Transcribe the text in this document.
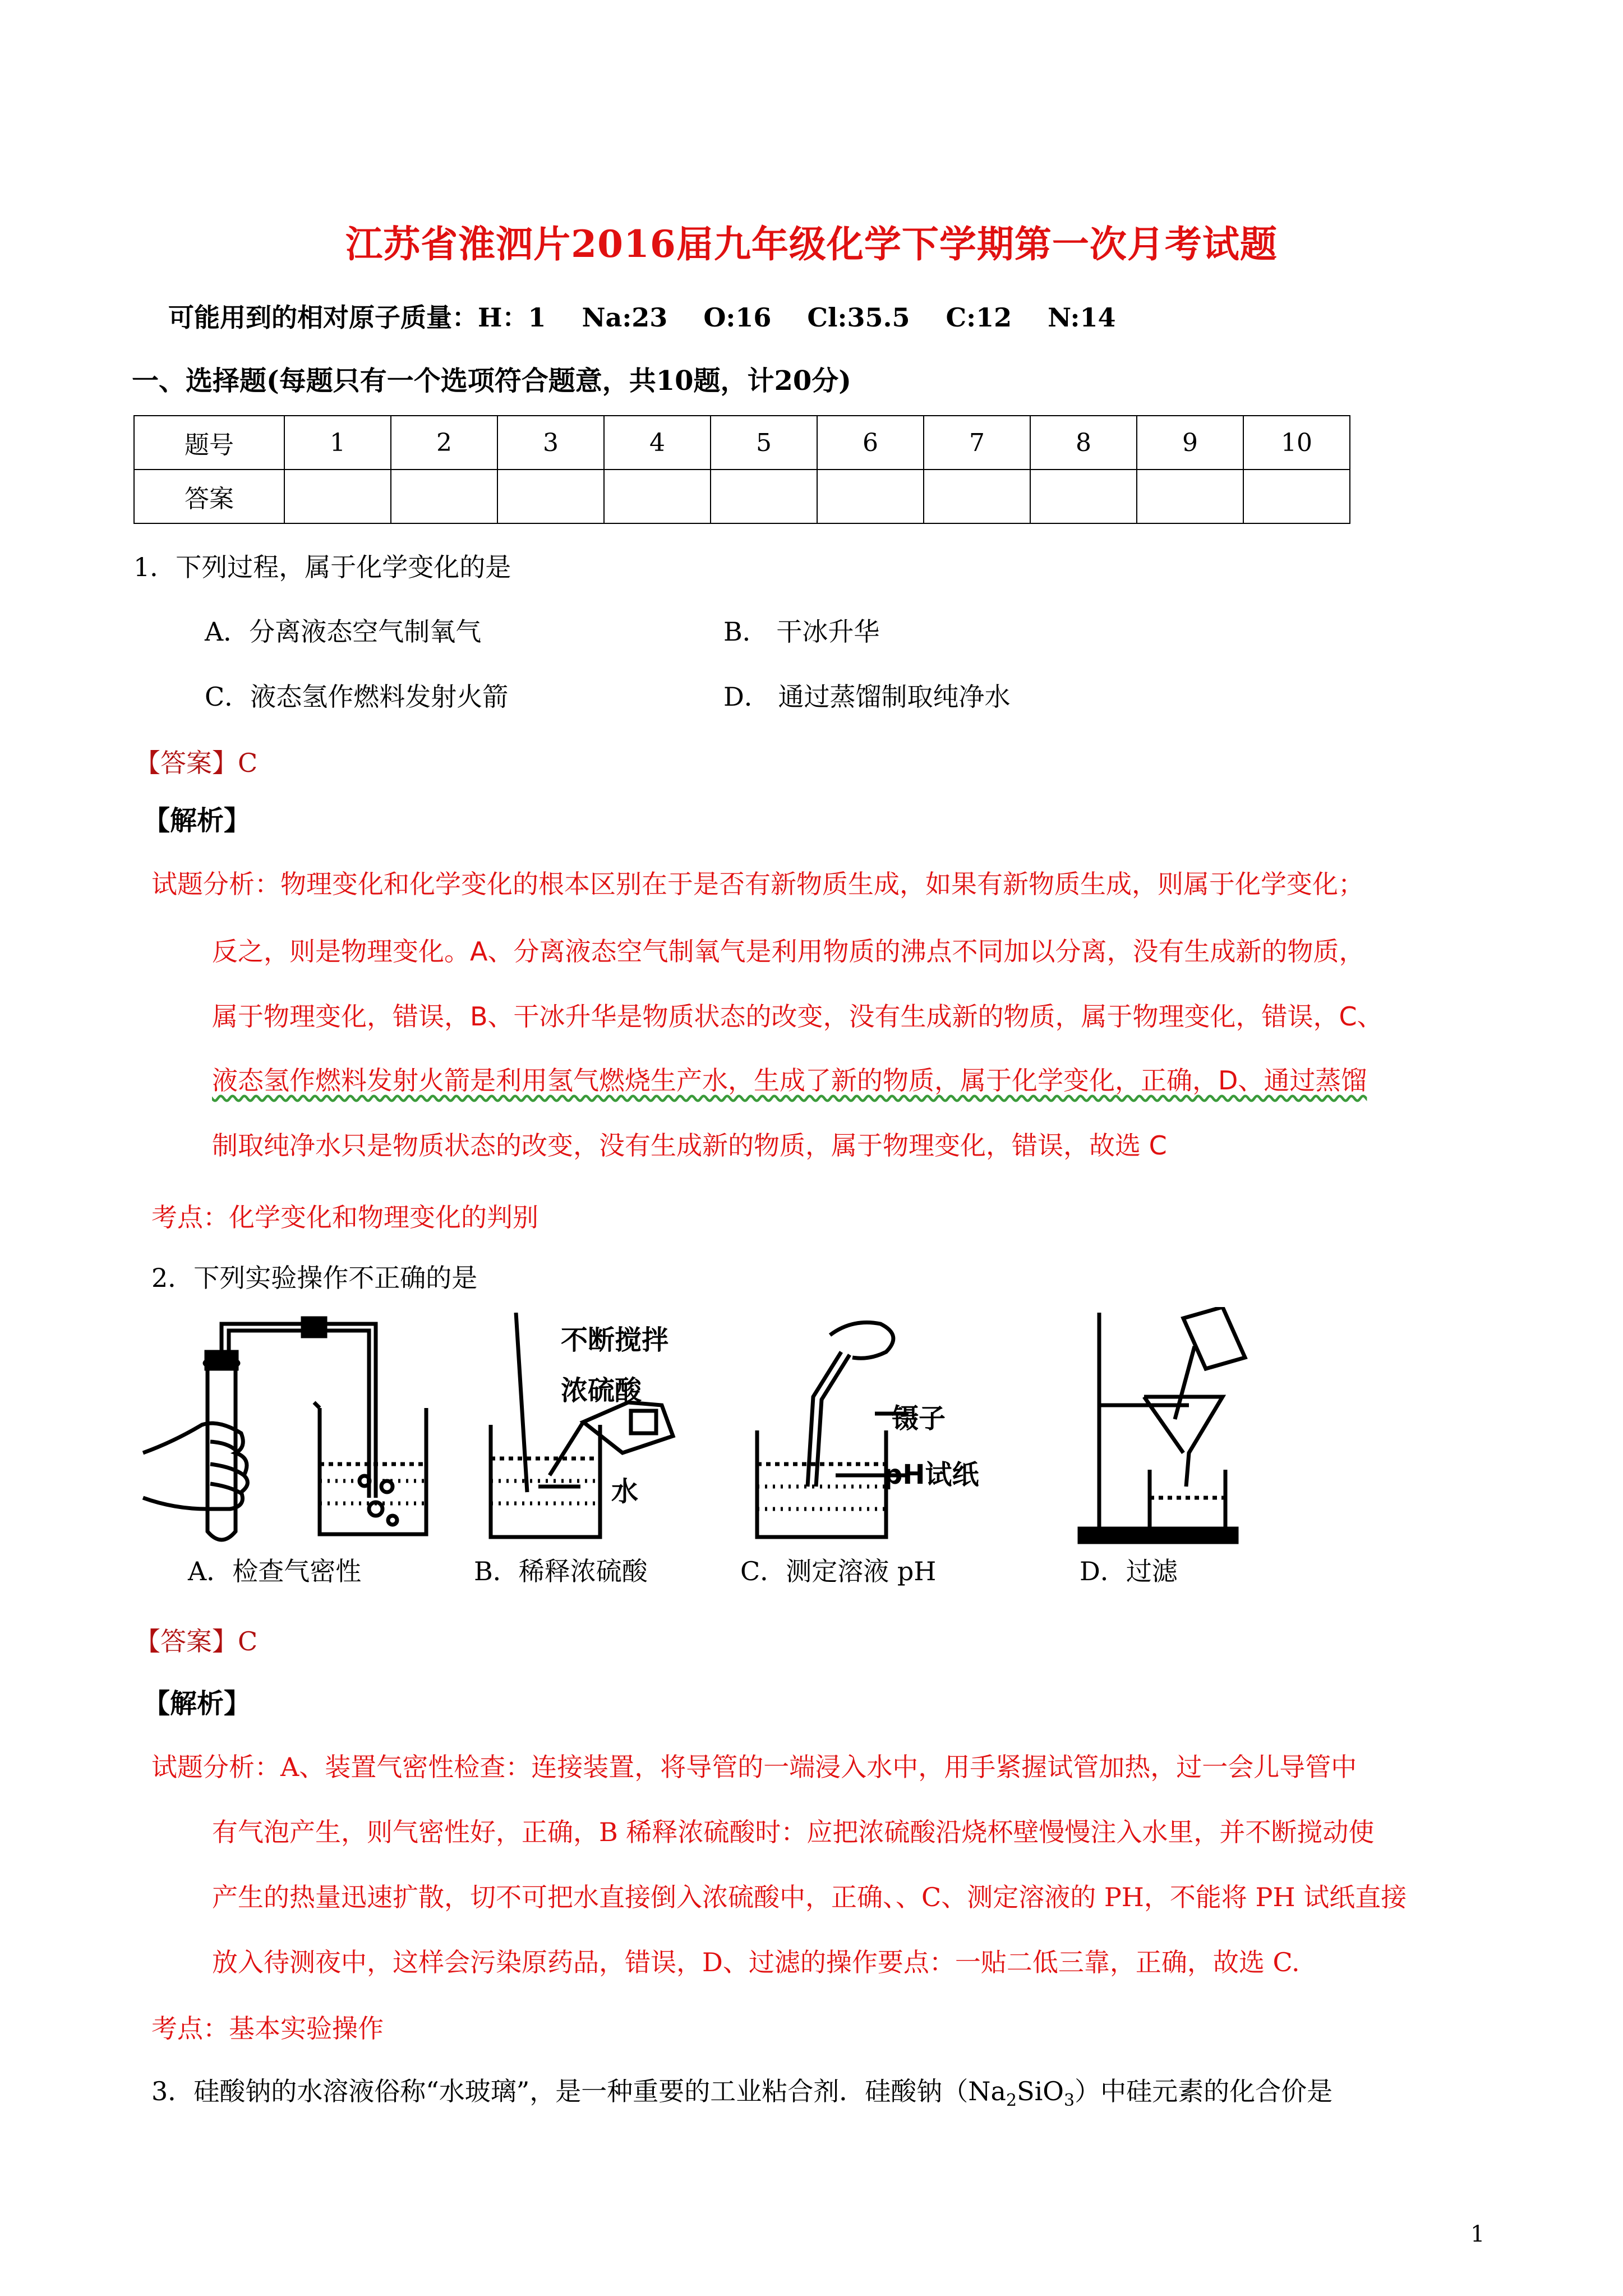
江苏省淮泗片2016届九年级化学下学期第一次月考试题
可能用到的相对原子质量：H：1 Na:23 O:16 Cl:35.5 C:12 N:14
一、选择题(每题只有一个选项符合题意，共10题，计20分)
题号	1	2	3	4	5	6	7	8	9	10
答案										
1．下列过程，属于化学变化的是
A．分离液态空气制氧气	B． 干冰升华
C．液态氢作燃料发射火箭	D． 通过蒸馏制取纯净水
【答案】C
【解析】
试题分析：物理变化和化学变化的根本区别在于是否有新物质生成，如果有新物质生成，则属于化学变化；
反之，则是物理变化。A、分离液态空气制氧气是利用物质的沸点不同加以分离，没有生成新的物质，
属于物理变化，错误，B、干冰升华是物质状态的改变，没有生成新的物质，属于物理变化，错误，C、
液态氢作燃料发射火箭是利用氢气燃烧生产水，生成了新的物质，属于化学变化，正确，D、通过蒸馏
制取纯净水只是物质状态的改变，没有生成新的物质，属于物理变化，错误，故选 C
考点：化学变化和物理变化的判别
2．下列实验操作不正确的是
不断搅拌
浓硫酸
水
镊子
pH试纸
A．检查气密性	B．稀释浓硫酸	C．测定溶液 pH	D．过滤
【答案】C
【解析】
试题分析：A、装置气密性检查：连接装置，将导管的一端浸入水中，用手紧握试管加热，过一会儿导管中
有气泡产生，则气密性好，正确，B 稀释浓硫酸时：应把浓硫酸沿烧杯壁慢慢注入水里，并不断搅动使
产生的热量迅速扩散，切不可把水直接倒入浓硫酸中，正确、、C、测定溶液的 PH，不能将 PH 试纸直接
放入待测夜中，这样会污染原药品，错误，D、过滤的操作要点：一贴二低三靠，正确，故选 C.
考点：基本实验操作
3．硅酸钠的水溶液俗称“水玻璃”，是一种重要的工业粘合剂．硅酸钠$(Na_2SiO_3)$中硅元素的化合价是
1
